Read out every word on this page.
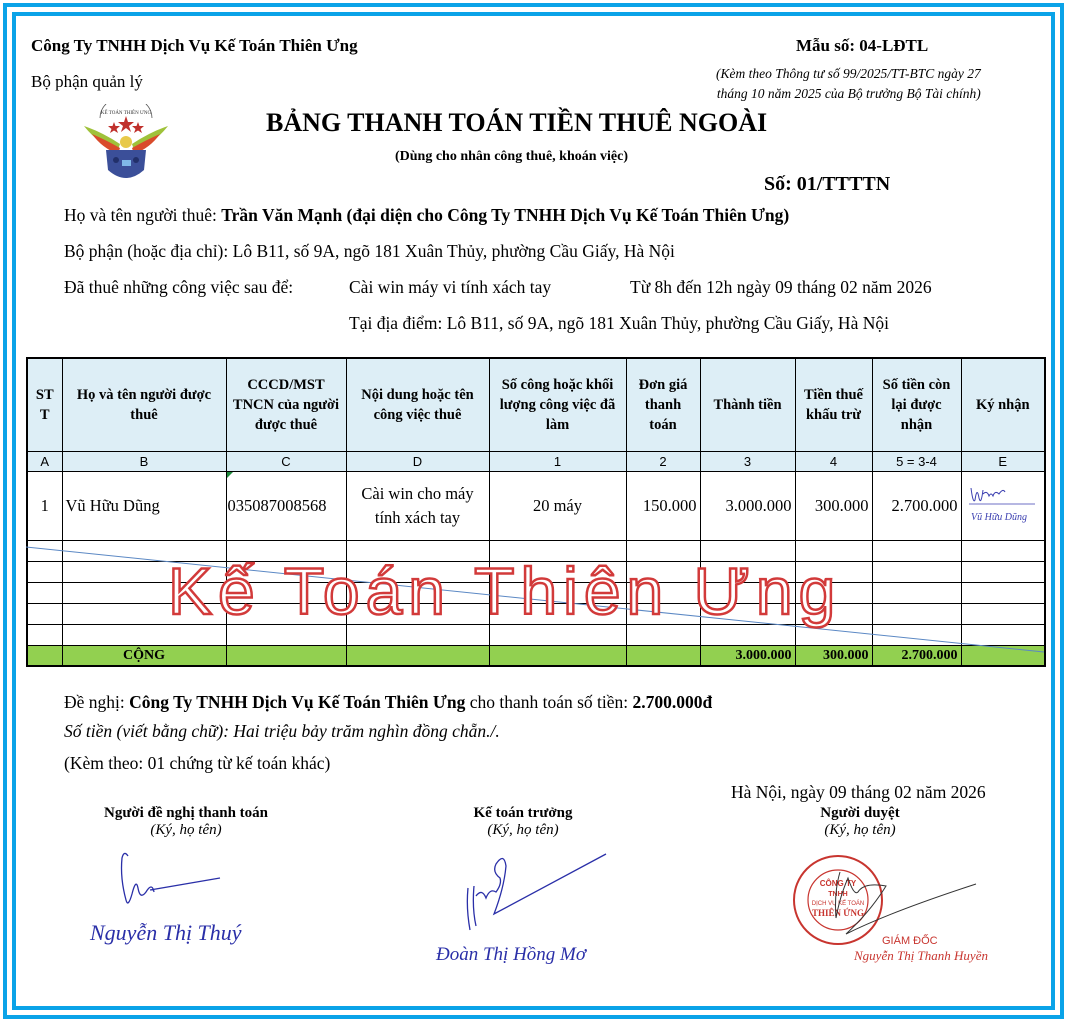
Công Ty TNHH Dịch Vụ Kế Toán Thiên Ưng
Bộ phận quản lý
Mẫu số: 04-LĐTL
(Kèm theo Thông tư số 99/2025/TT-BTC ngày 27
tháng 10 năm 2025 của Bộ trưởng Bộ Tài chính)
KẾ TOÁN THIÊN ƯNG	BẢNG THANH TOÁN TIỀN THUÊ NGOÀI
(Dùng cho nhân công thuê, khoán việc)
Số: 01/TTTTN
Họ và tên người thuê: Trần Văn Mạnh (đại diện cho Công Ty TNHH Dịch Vụ Kế Toán Thiên Ưng)
Bộ phận (hoặc địa chỉ): Lô B11, số 9A, ngõ 181 Xuân Thủy, phường Cầu Giấy, Hà Nội
Đã thuê những công việc sau để:	Cài win máy vi tính xách tay	Từ 8h đến 12h ngày 09 tháng 02 năm 2026
Tại địa điểm: Lô B11, số 9A, ngõ 181 Xuân Thủy, phường Cầu Giấy, Hà Nội
ST T	Họ và tên người được thuê	CCCD/MST TNCN của người được thuê	Nội dung hoặc tên công việc thuê	Số công hoặc khối lượng công việc đã làm	Đơn giá thanh toán	Thành tiền	Tiền thuế khấu trừ	Số tiền còn lại được nhận	Ký nhận
A	B	C	D	1	2	3	4	5 = 3-4	E
1	Vũ Hữu Dũng	035087008568	Cài win cho máy tính xách tay	20 máy	150.000	3.000.000	300.000	2.700.000	Vũ Hữu Dũng

	CỘNG					3.000.000	300.000	2.700.000	
Kế Toán Thiên Ưng
Đề nghị: Công Ty TNHH Dịch Vụ Kế Toán Thiên Ưng cho thanh toán số tiền: 2.700.000đ
Số tiền (viết bằng chữ): Hai triệu bảy trăm nghìn đồng chẵn./.
(Kèm theo: 01 chứng từ kế toán khác)
Hà Nội, ngày 09 tháng 02 năm 2026
Người đề nghị thanh toán
(Ký, họ tên)
Nguyễn Thị Thuý
Kế toán trưởng
(Ký, họ tên)
Đoàn Thị Hồng Mơ
Người duyệt
(Ký, họ tên)
CÔNG TY
TNHH
DỊCH VỤ KẾ TOÁN
THIÊN ỨNG
GIÁM ĐỐC
Nguyễn Thị Thanh Huyền
